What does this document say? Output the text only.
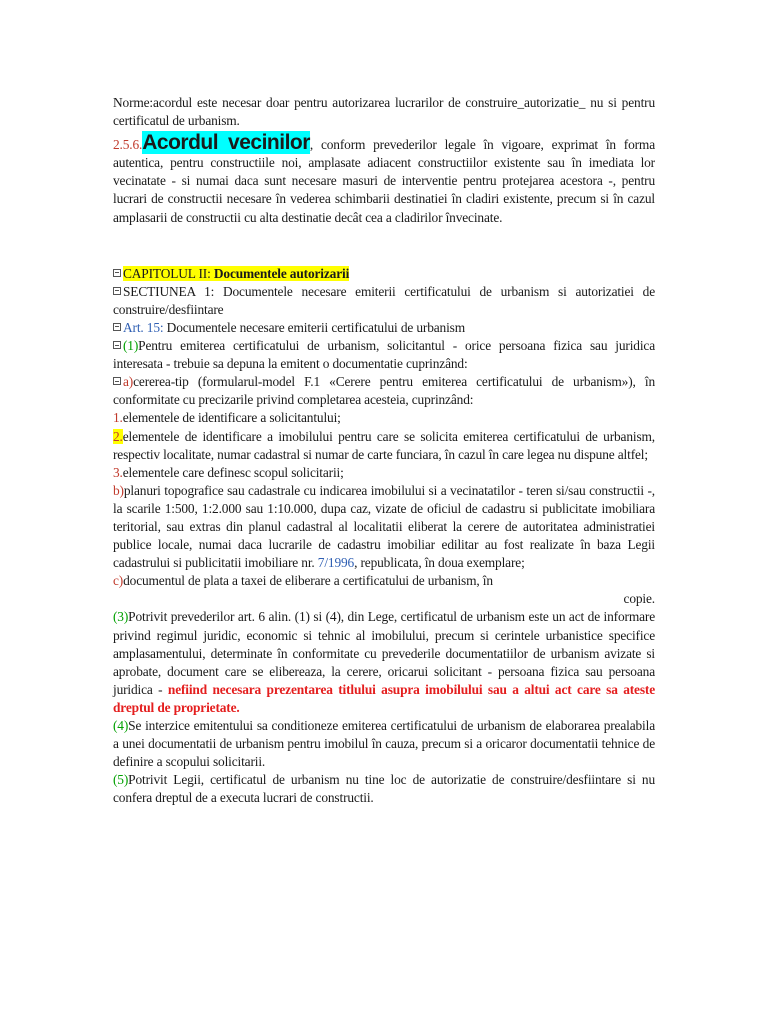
Norme:acordul este necesar doar pentru autorizarea lucrarilor de construire_autorizatie_ nu si pentru certificatul de urbanism.

2.5.6.Acordul vecinilor, conform prevederilor legale în vigoare, exprimat în forma autentica, pentru constructiile noi, amplasate adiacent constructiilor existente sau în imediata lor vecinatate - si numai daca sunt necesare masuri de interventie pentru protejarea acestora -, pentru lucrari de constructii necesare în vederea schimbarii destinatiei în cladiri existente, precum si în cazul amplasarii de constructii cu alta destinatie decât cea a cladirilor învecinate.

CAPITOLUL II: Documentele autorizarii

SECTIUNEA 1: Documentele necesare emiterii certificatului de urbanism si autorizatiei de construire/desfiintare

Art. 15: Documentele necesare emiterii certificatului de urbanism

(1)Pentru emiterea certificatului de urbanism, solicitantul - orice persoana fizica sau juridica interesata - trebuie sa depuna la emitent o documentatie cuprinzând:

a)cererea-tip (formularul-model F.1 «Cerere pentru emiterea certificatului de urbanism»), în conformitate cu precizarile privind completarea acesteia, cuprinzând:

1.elementele de identificare a solicitantului;

2.elementele de identificare a imobilului pentru care se solicita emiterea certificatului de urbanism, respectiv localitate, numar cadastral si numar de carte funciara, în cazul în care legea nu dispune altfel;

3.elementele care definesc scopul solicitarii;

b)planuri topografice sau cadastrale cu indicarea imobilului si a vecinatatilor - teren si/sau constructii -, la scarile 1:500, 1:2.000 sau 1:10.000, dupa caz, vizate de oficiul de cadastru si publicitate imobiliara teritorial, sau extras din planul cadastral al localitatii eliberat la cerere de autoritatea administratiei publice locale, numai daca lucrarile de cadastru imobiliar edilitar au fost realizate în baza Legii cadastrului si publicitatii imobiliare nr. 7/1996, republicata, în doua exemplare;

c)documentul de plata a taxei de eliberare a certificatului de urbanism, în
copie.

(3)Potrivit prevederilor art. 6 alin. (1) si (4), din Lege, certificatul de urbanism este un act de informare privind regimul juridic, economic si tehnic al imobilului, precum si cerintele urbanistice specifice amplasamentului, determinate în conformitate cu prevederile documentatiilor de urbanism avizate si aprobate, document care se elibereaza, la cerere, oricarui solicitant - persoana fizica sau persoana juridica - nefiind necesara prezentarea titlului asupra imobilului sau a altui act care sa ateste dreptul de proprietate.

(4)Se interzice emitentului sa conditioneze emiterea certificatului de urbanism de elaborarea prealabila a unei documentatii de urbanism pentru imobilul în cauza, precum si a oricaror documentatii tehnice de definire a scopului solicitarii.

(5)Potrivit Legii, certificatul de urbanism nu tine loc de autorizatie de construire/desfiintare si nu confera dreptul de a executa lucrari de constructii.
